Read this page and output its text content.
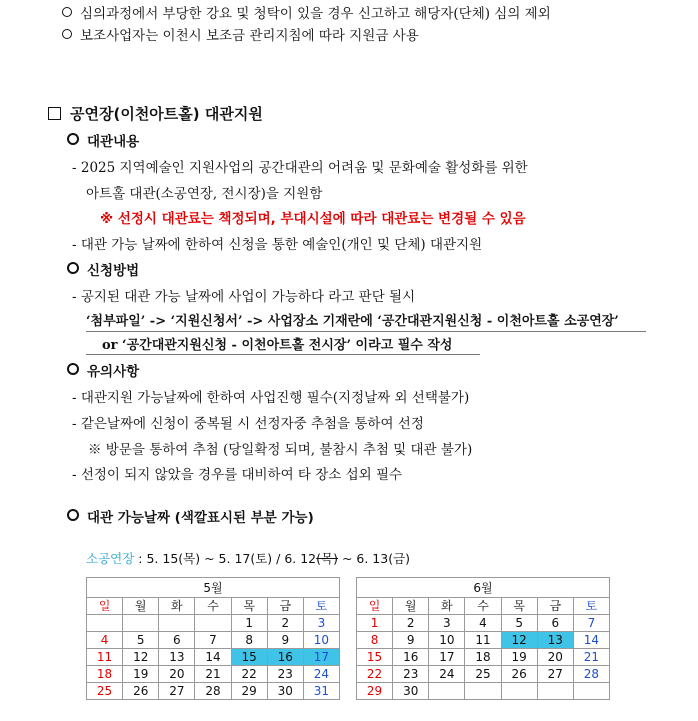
심의과정에서 부당한 강요 및 청탁이 있을 경우 신고하고 해당자(단체) 심의 제외
보조사업자는 이천시 보조금 관리지침에 따라 지원금 사용
공연장(이천아트홀) 대관지원
대관내용
- 2025 지역예술인 지원사업의 공간대관의 어려움 및 문화예술 활성화를 위한
아트홀 대관(소공연장, 전시장)을 지원함
※ 선정시 대관료는 책정되며, 부대시설에 따라 대관료는 변경될 수 있음
- 대관 가능 날짜에 한하여 신청을 통한 예술인(개인 및 단체) 대관지원
신청방법
- 공지된 대관 가능 날짜에 사업이 가능하다 라고 판단 될시
‘첨부파일’ -> ‘지원신청서’ -> 사업장소 기재란에 ‘공간대관지원신청 - 이천아트홀 소공연장’
or ‘공간대관지원신청 - 이천아트홀 전시장’ 이라고 필수 작성
유의사항
- 대관지원 가능날짜에 한하여 사업진행 필수(지정날짜 외 선택불가)
- 같은날짜에 신청이 중복될 시 선정자중 추첨을 통하여 선정
※ 방문을 통하여 추첨 (당일확정 되며, 불참시 추첨 및 대관 불가)
- 선정이 되지 않았을 경우를 대비하여 타 장소 섭외 필수
대관 가능날짜 (색깔표시된 부분 가능)
소공연장 : 5. 15(목) ~ 5. 17(토) / 6. 12(목) ~ 6. 13(금)
5월						
일	월	화	수	목	금	토
				1	2	3
4	5	6	7	8	9	10
11	12	13	14	15	16	17
18	19	20	21	22	23	24
25	26	27	28	29	30	31
6월						
일	월	화	수	목	금	토
1	2	3	4	5	6	7
8	9	10	11	12	13	14
15	16	17	18	19	20	21
22	23	24	25	26	27	28
29	30					
